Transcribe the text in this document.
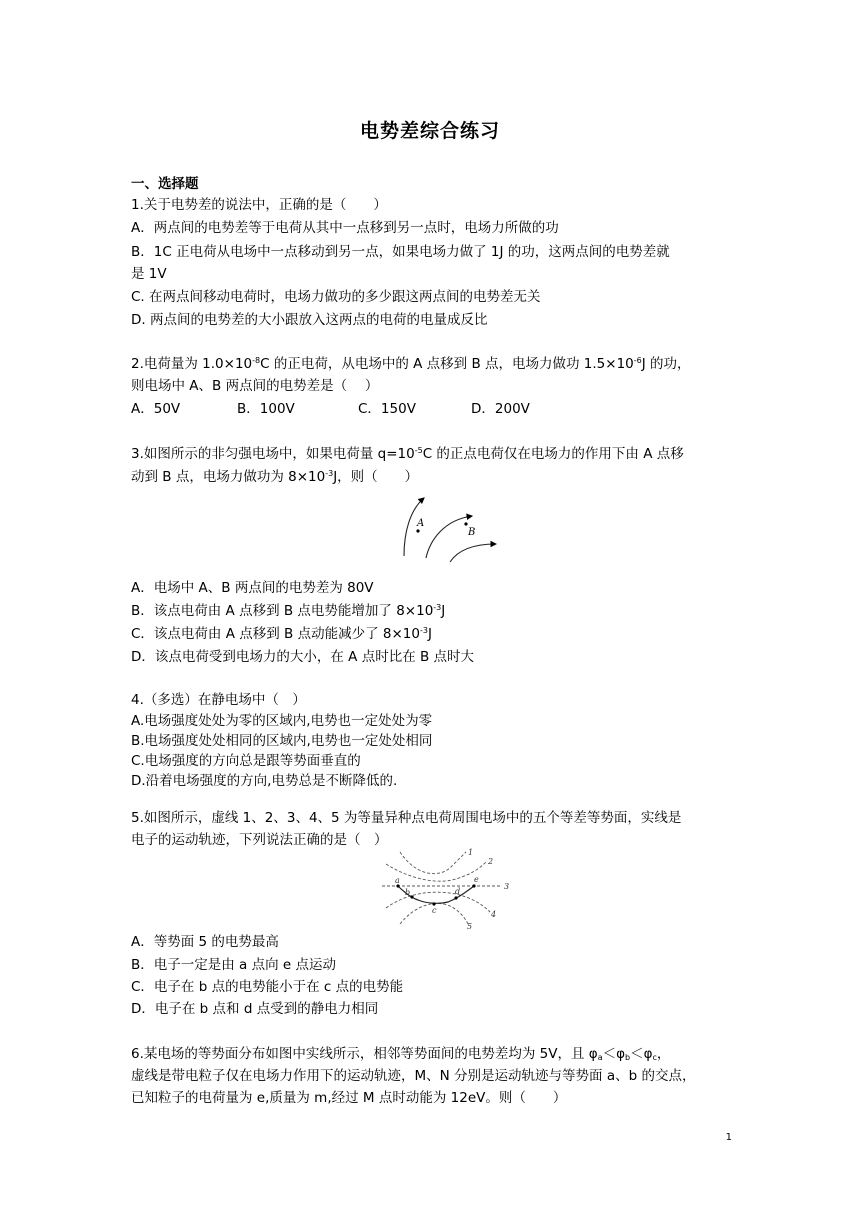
电势差综合练习
一、选择题
1.关于电势差的说法中，正确的是（　　）
A．两点间的电势差等于电荷从其中一点移到另一点时，电场力所做的功
B．1C 正电荷从电场中一点移动到另一点，如果电场力做了 1J 的功，这两点间的电势差就
是 1V
C. 在两点间移动电荷时，电场力做功的多少跟这两点间的电势差无关
D. 两点间的电势差的大小跟放入这两点的电荷的电量成反比
2.电荷量为 $1.0\times 10^{-8}C$ 的正电荷，从电场中的 A 点移到 B 点，电场力做功 $1.5\times 10^{-6}J$ 的功，
则电场中 A、B 两点间的电势差是（　 ）
A．50V	B．100V	C．150V	D．200V
3.如图所示的非匀强电场中，如果电荷量 $q=10^{-5}C$ 的正点电荷仅在电场力的作用下由 A 点移
动到 B 点，电场力做功为 $8\times 10^{-3}J$，则（　　）
A
B
A．电场中 A、B 两点间的电势差为 80V
B．该点电荷由 A 点移到 B 点电势能增加了 $8\times 10^{-3}J$
C．该点电荷由 A 点移到 B 点动能减少了 $8\times 10^{-3}J$
D．该点电荷受到电场力的大小，在 A 点时比在 B 点时大
4.（多选）在静电场中（　）
A.电场强度处处为零的区域内,电势也一定处处为零
B.电场强度处处相同的区域内,电势也一定处处相同
C.电场强度的方向总是跟等势面垂直的
D.沿着电场强度的方向,电势总是不断降低的.
5.如图所示，虚线 1、2、3、4、5 为等量异种点电荷周围电场中的五个等差等势面，实线是
电子的运动轨迹，下列说法正确的是（　）
1
2
3
4
5
a
b
c
d
e
A．等势面 5 的电势最高
B．电子一定是由 a 点向 e 点运动
C．电子在 b 点的电势能小于在 c 点的电势能
D．电子在 b 点和 d 点受到的静电力相同
6.某电场的等势面分布如图中实线所示，相邻等势面间的电势差均为 5V，且 $\varphi_a<\varphi_b<\varphi_c$，
虚线是带电粒子仅在电场力作用下的运动轨迹，M、N 分别是运动轨迹与等势面 a、b 的交点，
已知粒子的电荷量为 e,质量为 m,经过 M 点时动能为 12eV。则（　　）
1
